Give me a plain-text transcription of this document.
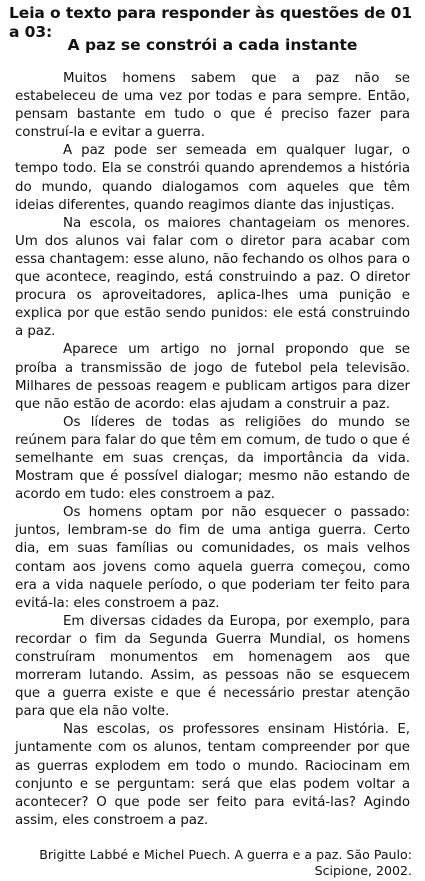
Leia o texto para responder às questões de 01 a 03:
A paz se constrói a cada instante

Muitos homens sabem que a paz não se estabeleceu de uma vez por todas e para sempre. Então, pensam bastante em tudo o que é preciso fazer para construí-la e evitar a guerra.

A paz pode ser semeada em qualquer lugar, o tempo todo. Ela se constrói quando aprendemos a história do mundo, quando dialogamos com aqueles que têm ideias diferentes, quando reagimos diante das injustiças.

Na escola, os maiores chantageiam os menores. Um dos alunos vai falar com o diretor para acabar com essa chantagem: esse aluno, não fechando os olhos para o que acontece, reagindo, está construindo a paz. O diretor procura os aproveitadores, aplica-lhes uma punição e explica por que estão sendo punidos: ele está construindo a paz.

Aparece um artigo no jornal propondo que se proíba a transmissão de jogo de futebol pela televisão. Milhares de pessoas reagem e publicam artigos para dizer que não estão de acordo: elas ajudam a construir a paz.

Os líderes de todas as religiões do mundo se reúnem para falar do que têm em comum, de tudo o que é semelhante em suas crenças, da importância da vida. Mostram que é possível dialogar; mesmo não estando de acordo em tudo: eles constroem a paz.

Os homens optam por não esquecer o passado: juntos, lembram-se do fim de uma antiga guerra. Certo dia, em suas famílias ou comunidades, os mais velhos contam aos jovens como aquela guerra começou, como era a vida naquele período, o que poderiam ter feito para evitá-la: eles constroem a paz.

Em diversas cidades da Europa, por exemplo, para recordar o fim da Segunda Guerra Mundial, os homens construíram monumentos em homenagem aos que morreram lutando. Assim, as pessoas não se esquecem que a guerra existe e que é necessário prestar atenção para que ela não volte.

Nas escolas, os professores ensinam História. E, juntamente com os alunos, tentam compreender por que as guerras explodem em todo o mundo. Raciocinam em conjunto e se perguntam: será que elas podem voltar a acontecer? O que pode ser feito para evitá-las? Agindo assim, eles constroem a paz.

Brigitte Labbé e Michel Puech. A guerra e a paz. São Paulo:
Scipione, 2002.
